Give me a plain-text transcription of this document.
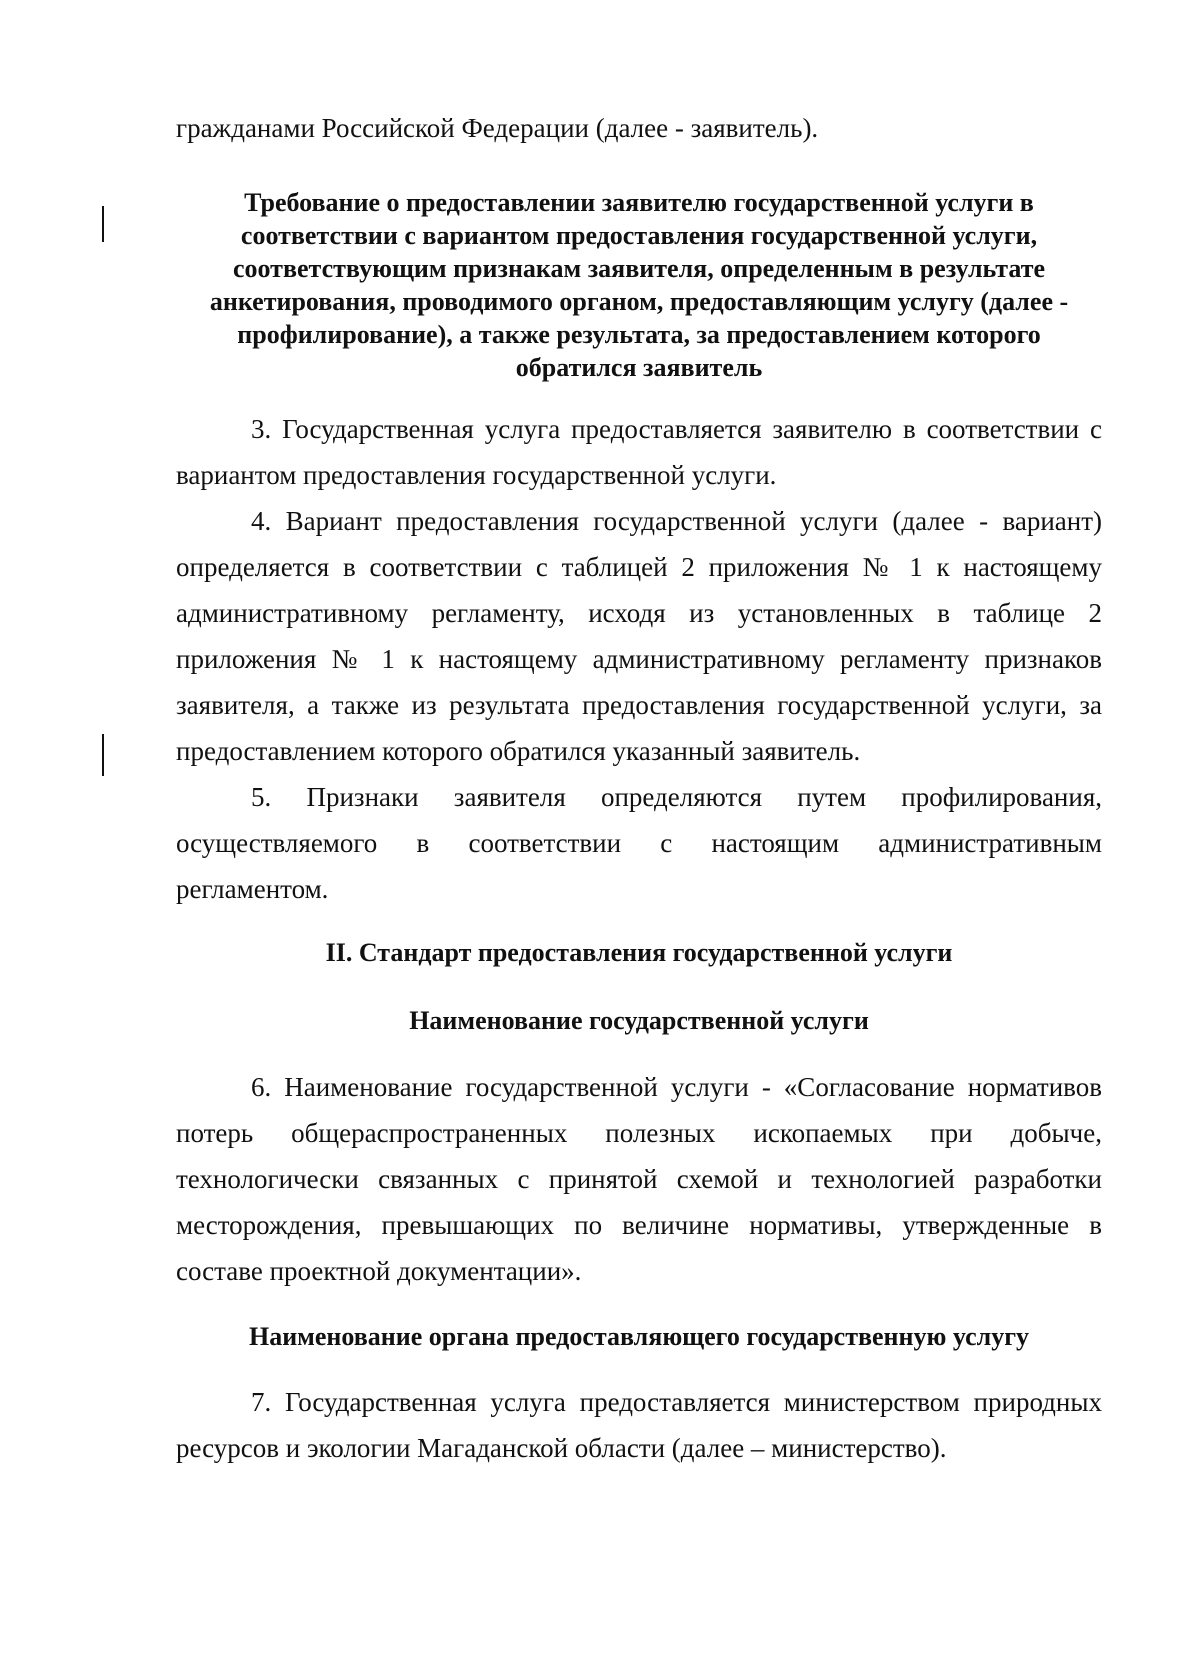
гражданами Российской Федерации (далее - заявитель).
Требование о предоставлении заявителю государственной услуги в
соответствии с вариантом предоставления государственной услуги,
соответствующим признакам заявителя, определенным в результате
анкетирования, проводимого органом, предоставляющим услугу (далее -
профилирование), а также результата, за предоставлением которого
обратился заявитель
3. Государственная услуга предоставляется заявителю в соответствии с
вариантом предоставления государственной услуги.
4. Вариант предоставления государственной услуги (далее - вариант)
определяется в соответствии с таблицей 2 приложения № 1 к настоящему
административному регламенту, исходя из установленных в таблице 2
приложения № 1 к настоящему административному регламенту признаков
заявителя, а также из результата предоставления государственной услуги, за
предоставлением которого обратился указанный заявитель.
5. Признаки заявителя определяются путем профилирования,
осуществляемого в соответствии с настоящим административным
регламентом.
II. Стандарт предоставления государственной услуги
Наименование государственной услуги
6. Наименование государственной услуги - «Согласование нормативов
потерь общераспространенных полезных ископаемых при добыче,
технологически связанных с принятой схемой и технологией разработки
месторождения, превышающих по величине нормативы, утвержденные в
составе проектной документации».
Наименование органа предоставляющего государственную услугу
7. Государственная услуга предоставляется министерством природных
ресурсов и экологии Магаданской области (далее – министерство).
